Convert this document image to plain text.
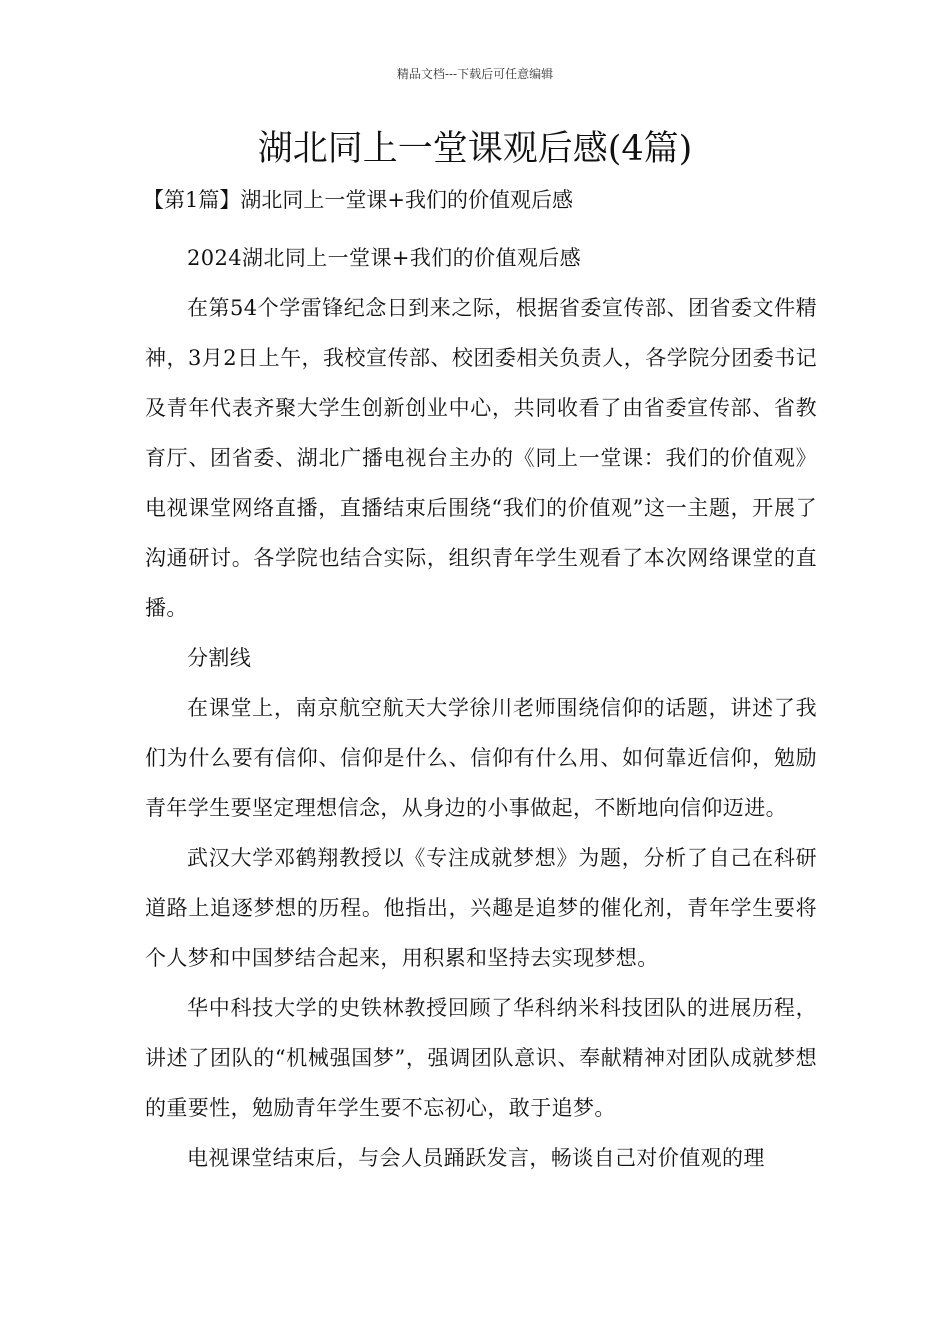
精品文档---下载后可任意编辑
湖北同上一堂课观后感(4篇)
【第1篇】湖北同上一堂课+我们的价值观后感

2024湖北同上一堂课+我们的价值观后感

在第54个学雷锋纪念日到来之际，根据省委宣传部、团省委文件精神，3月2日上午，我校宣传部、校团委相关负责人，各学院分团委书记及青年代表齐聚大学生创新创业中心，共同收看了由省委宣传部、省教育厅、团省委、湖北广播电视台主办的《同上一堂课：我们的价值观》电视课堂网络直播，直播结束后围绕“我们的价值观”这一主题，开展了沟通研讨。各学院也结合实际，组织青年学生观看了本次网络课堂的直播。

分割线

在课堂上，南京航空航天大学徐川老师围绕信仰的话题，讲述了我们为什么要有信仰、信仰是什么、信仰有什么用、如何靠近信仰，勉励青年学生要坚定理想信念，从身边的小事做起，不断地向信仰迈进。

武汉大学邓鹤翔教授以《专注成就梦想》为题，分析了自己在科研道路上追逐梦想的历程。他指出，兴趣是追梦的催化剂，青年学生要将个人梦和中国梦结合起来，用积累和坚持去实现梦想。

华中科技大学的史铁林教授回顾了华科纳米科技团队的进展历程，讲述了团队的“机械强国梦”，强调团队意识、奉献精神对团队成就梦想的重要性，勉励青年学生要不忘初心，敢于追梦。

电视课堂结束后，与会人员踊跃发言，畅谈自己对价值观的理
